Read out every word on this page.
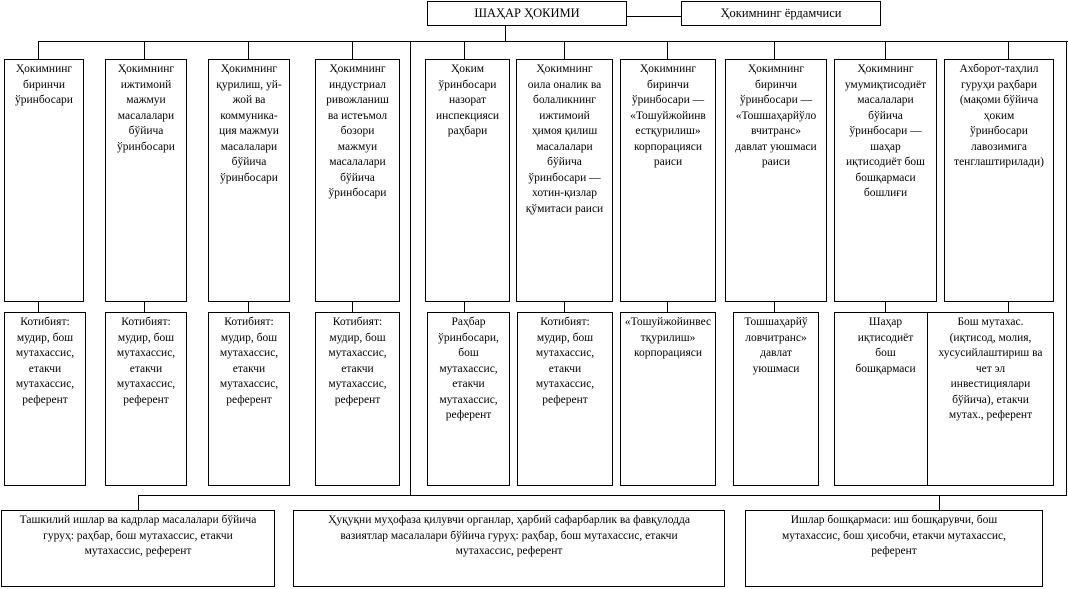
ШАҲАР ҲОКИМИ	Ҳокимнинг ёрдамчиси
Ҳокимнинг
биринчи
ўринбосари
Ҳокимнинг
ижтимоий
мажмуи
масалалари
бўйича
ўринбосари
Ҳокимнинг
қурилиш, уй-
жой ва
коммуника-
ция мажмуи
масалалари
бўйича
ўринбосари
Ҳокимнинг
индустриал
ривожланиш
ва истеъмол
бозори
мажмуи
масалалари
бўйича
ўринбосари
Ҳоким
ўринбосари
назорат
инспекцияси
раҳбари
Ҳокимнинг
оила оналик ва
болаликнинг
ижтимоий
ҳимоя қилиш
масалалари
бўйича
ўринбосари —
хотин-қизлар
қўмитаси раиси
Ҳокимнинг
биринчи
ўринбосари —
«Тошуйжойинв
естқурилиш»
корпорацияси
раиси
Ҳокимнинг
биринчи
ўринбосари —
«Тошшаҳарйўло
вчитранс»
давлат уюшмаси
раиси
Ҳокимнинг
умумиқтисодиёт
масалалари
бўйича
ўринбосари —
шаҳар
иқтисодиёт бош
бошқармаси
бошлиғи
Ахборот-таҳлил
гуруҳи раҳбари
(мақоми бўйича
ҳоким
ўринбосари
лавозимига
тенглаштирилади)
Котибият:
мудир, бош
мутахассис,
етакчи
мутахассис,
референт
Котибият:
мудир, бош
мутахассис,
етакчи
мутахассис,
референт
Котибият:
мудир, бош
мутахассис,
етакчи
мутахассис,
референт
Котибият:
мудир, бош
мутахассис,
етакчи
мутахассис,
референт
Раҳбар
ўринбосари,
бош
мутахассис,
етакчи
мутахассис,
референт
Котибият:
мудир, бош
мутахассис,
етакчи
мутахассис,
референт
«Тошуйжойинвес
тқурилиш»
корпорацияси
Тошшаҳарйў
ловчитранс»
давлат
уюшмаси
Шаҳар
иқтисодиёт
бош
бошқармаси
Бош мутахас.
(иқтисод, молия,
хусусийлаштириш ва
чет эл
инвестициялари
бўйича), етакчи
мутах., референт
Ташкилий ишлар ва кадрлар масалалари бўйича
гуруҳ: раҳбар, бош мутахассис, етакчи
мутахассис, референт
Ҳуқуқни муҳофаза қилувчи органлар, ҳарбий сафарбарлик ва фавқулодда
вазиятлар масалалари бўйича гуруҳ: раҳбар, бош мутахассис, етакчи
мутахассис, референт
Ишлар бошқармаси: иш бошқарувчи, бош
мутахассис, бош ҳисобчи, етакчи мутахассис,
референт
